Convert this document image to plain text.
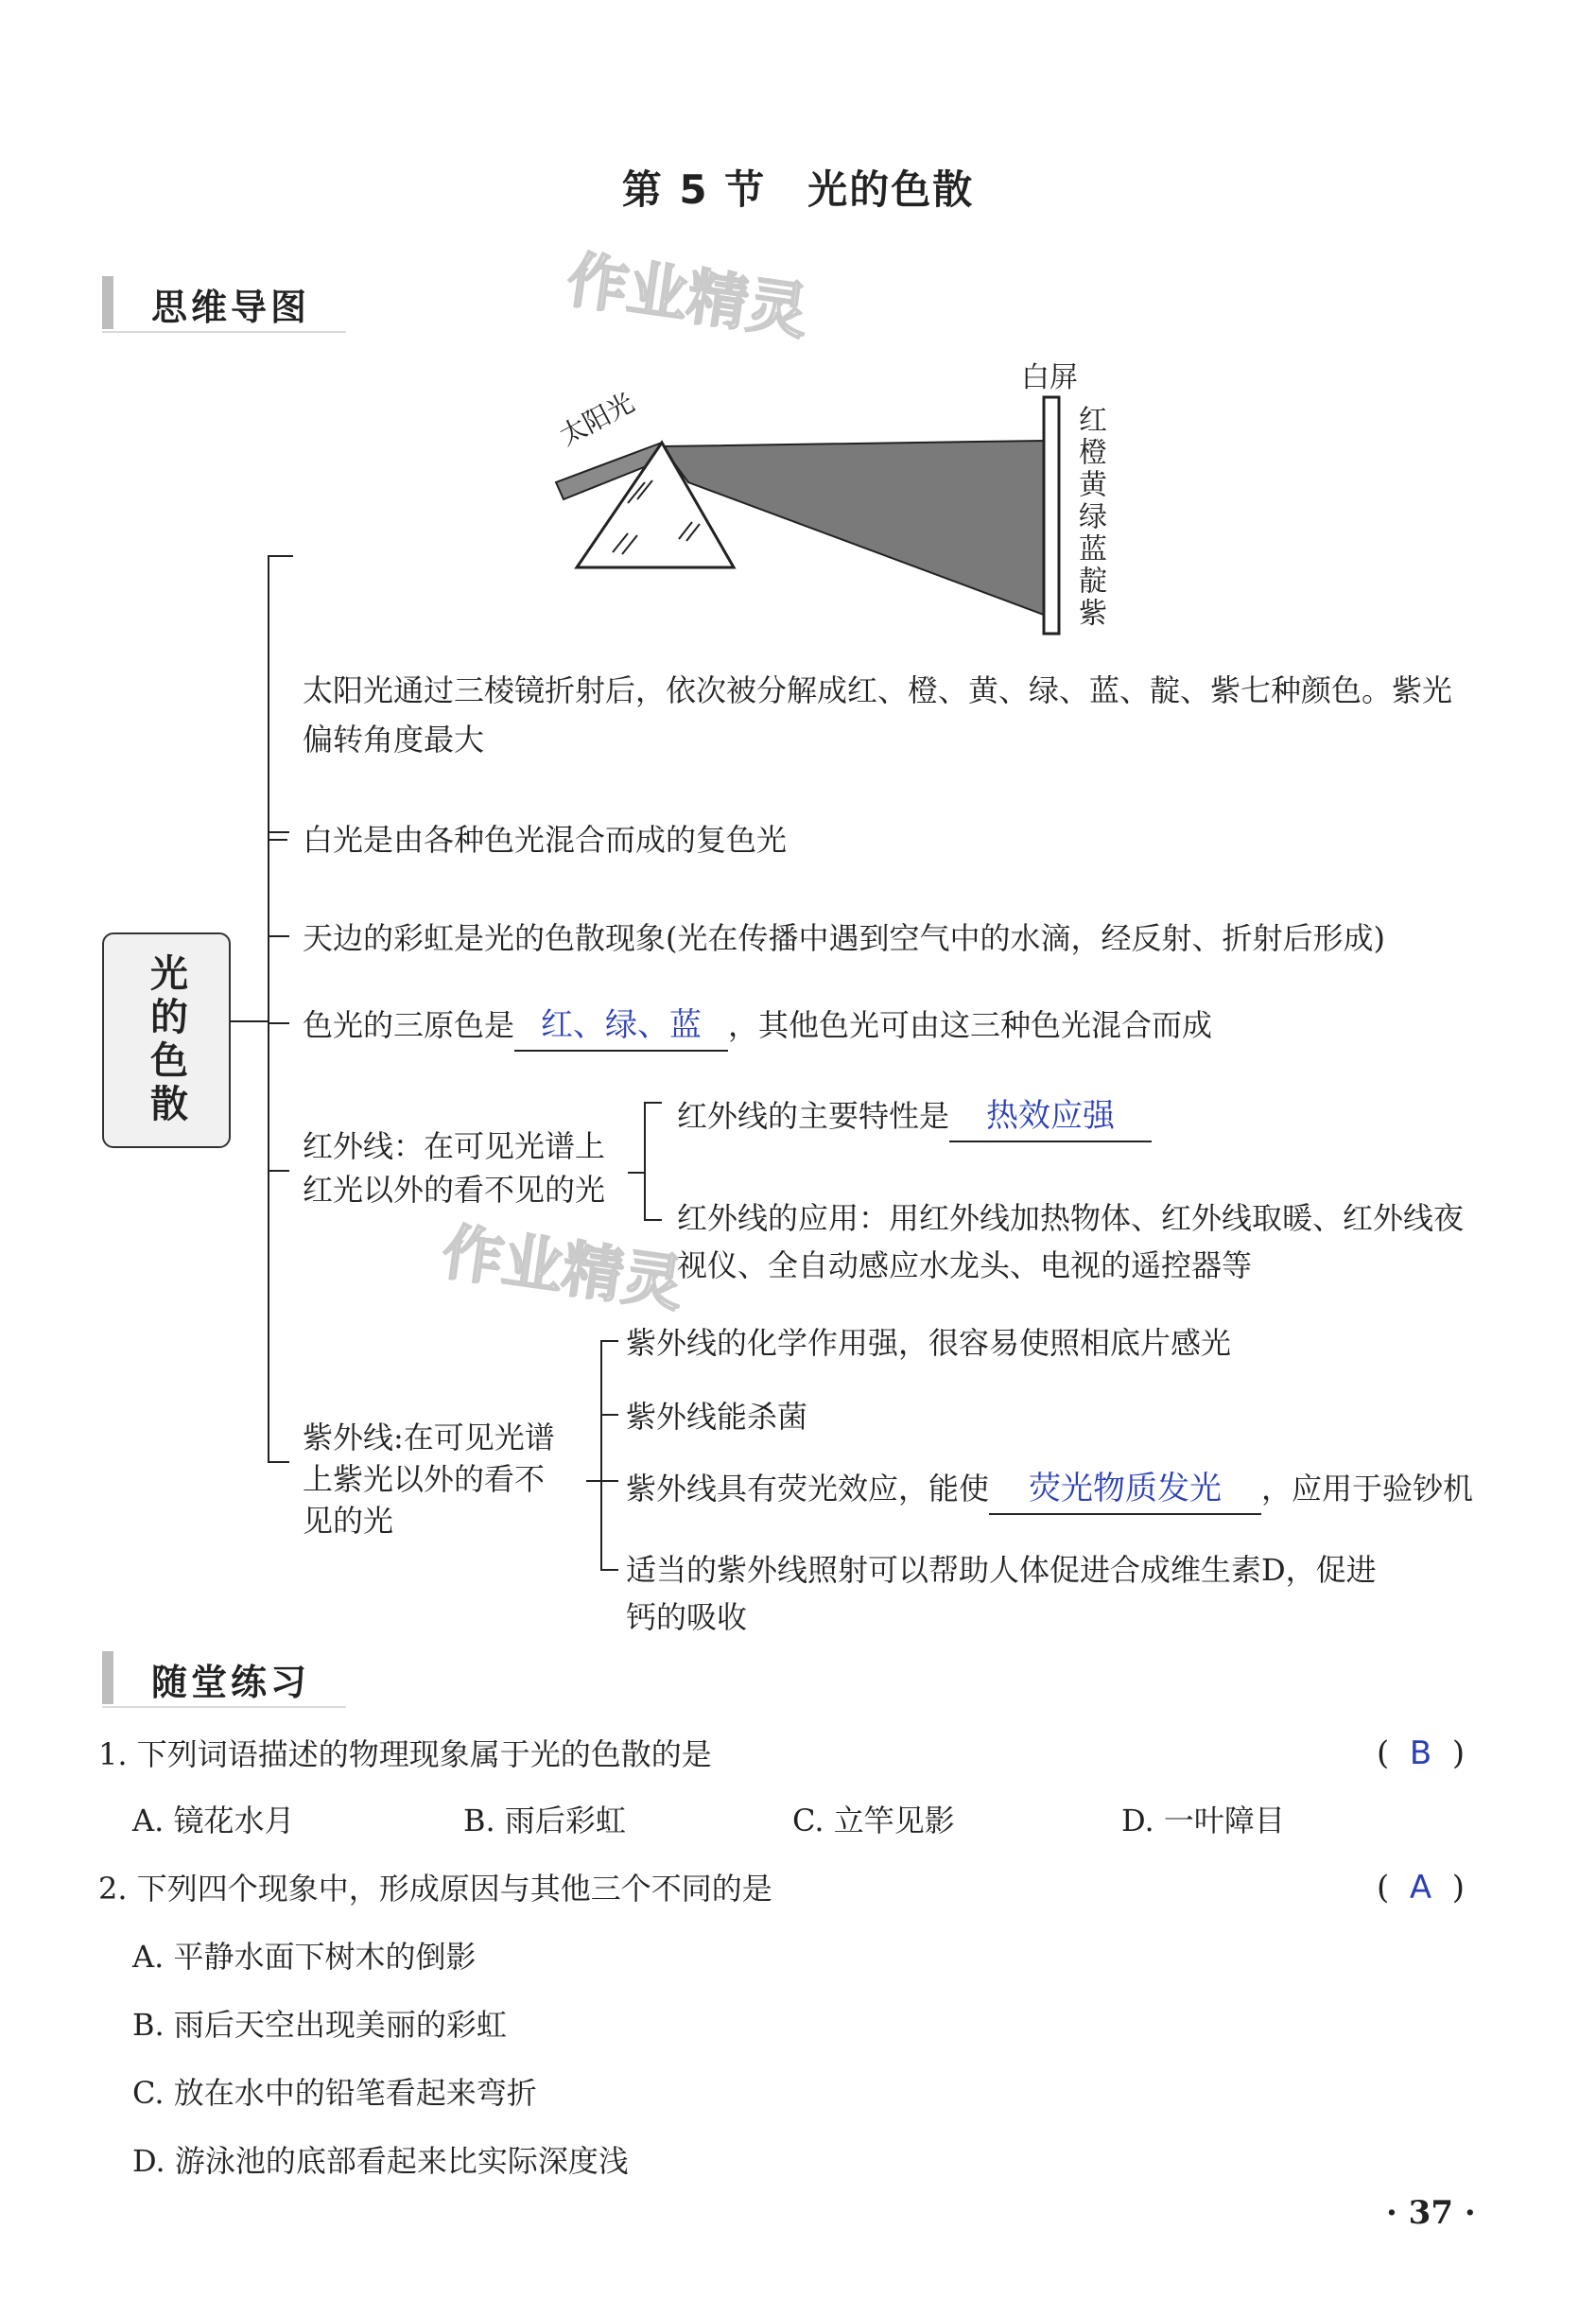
第 5 节　光的色散
思维导图	作业精灵
作业精灵
太阳光
白屏
红橙黄绿蓝靛紫
光的色散
太阳光通过三棱镜折射后，依次被分解成红、橙、黄、绿、蓝、靛、紫七种颜色。紫光
偏转角度最大
白光是由各种色光混合而成的复色光
天边的彩虹是光的色散现象(光在传播中遇到空气中的水滴，经反射、折射后形成)
色光的三原色是 红、绿、蓝 ，其他色光可由这三种色光混合而成
红外线：在可见光谱上
红光以外的看不见的光
红外线的主要特性是 热效应强
红外线的应用：用红外线加热物体、红外线取暖、红外线夜
视仪、全自动感应水龙头、电视的遥控器等
紫外线:在可见光谱
上紫光以外的看不
见的光
紫外线的化学作用强，很容易使照相底片感光
紫外线能杀菌
紫外线具有荧光效应，能使 荧光物质发光 ，应用于验钞机
适当的紫外线照射可以帮助人体促进合成维生素D，促进
钙的吸收
随堂练习
1. 下列词语描述的物理现象属于光的色散的是	(  B  )
A. 镜花水月	B. 雨后彩虹	C. 立竿见影	D. 一叶障目
2. 下列四个现象中，形成原因与其他三个不同的是	(  A  )
A. 平静水面下树木的倒影
B. 雨后天空出现美丽的彩虹
C. 放在水中的铅笔看起来弯折
D. 游泳池的底部看起来比实际深度浅
· 37 ·
